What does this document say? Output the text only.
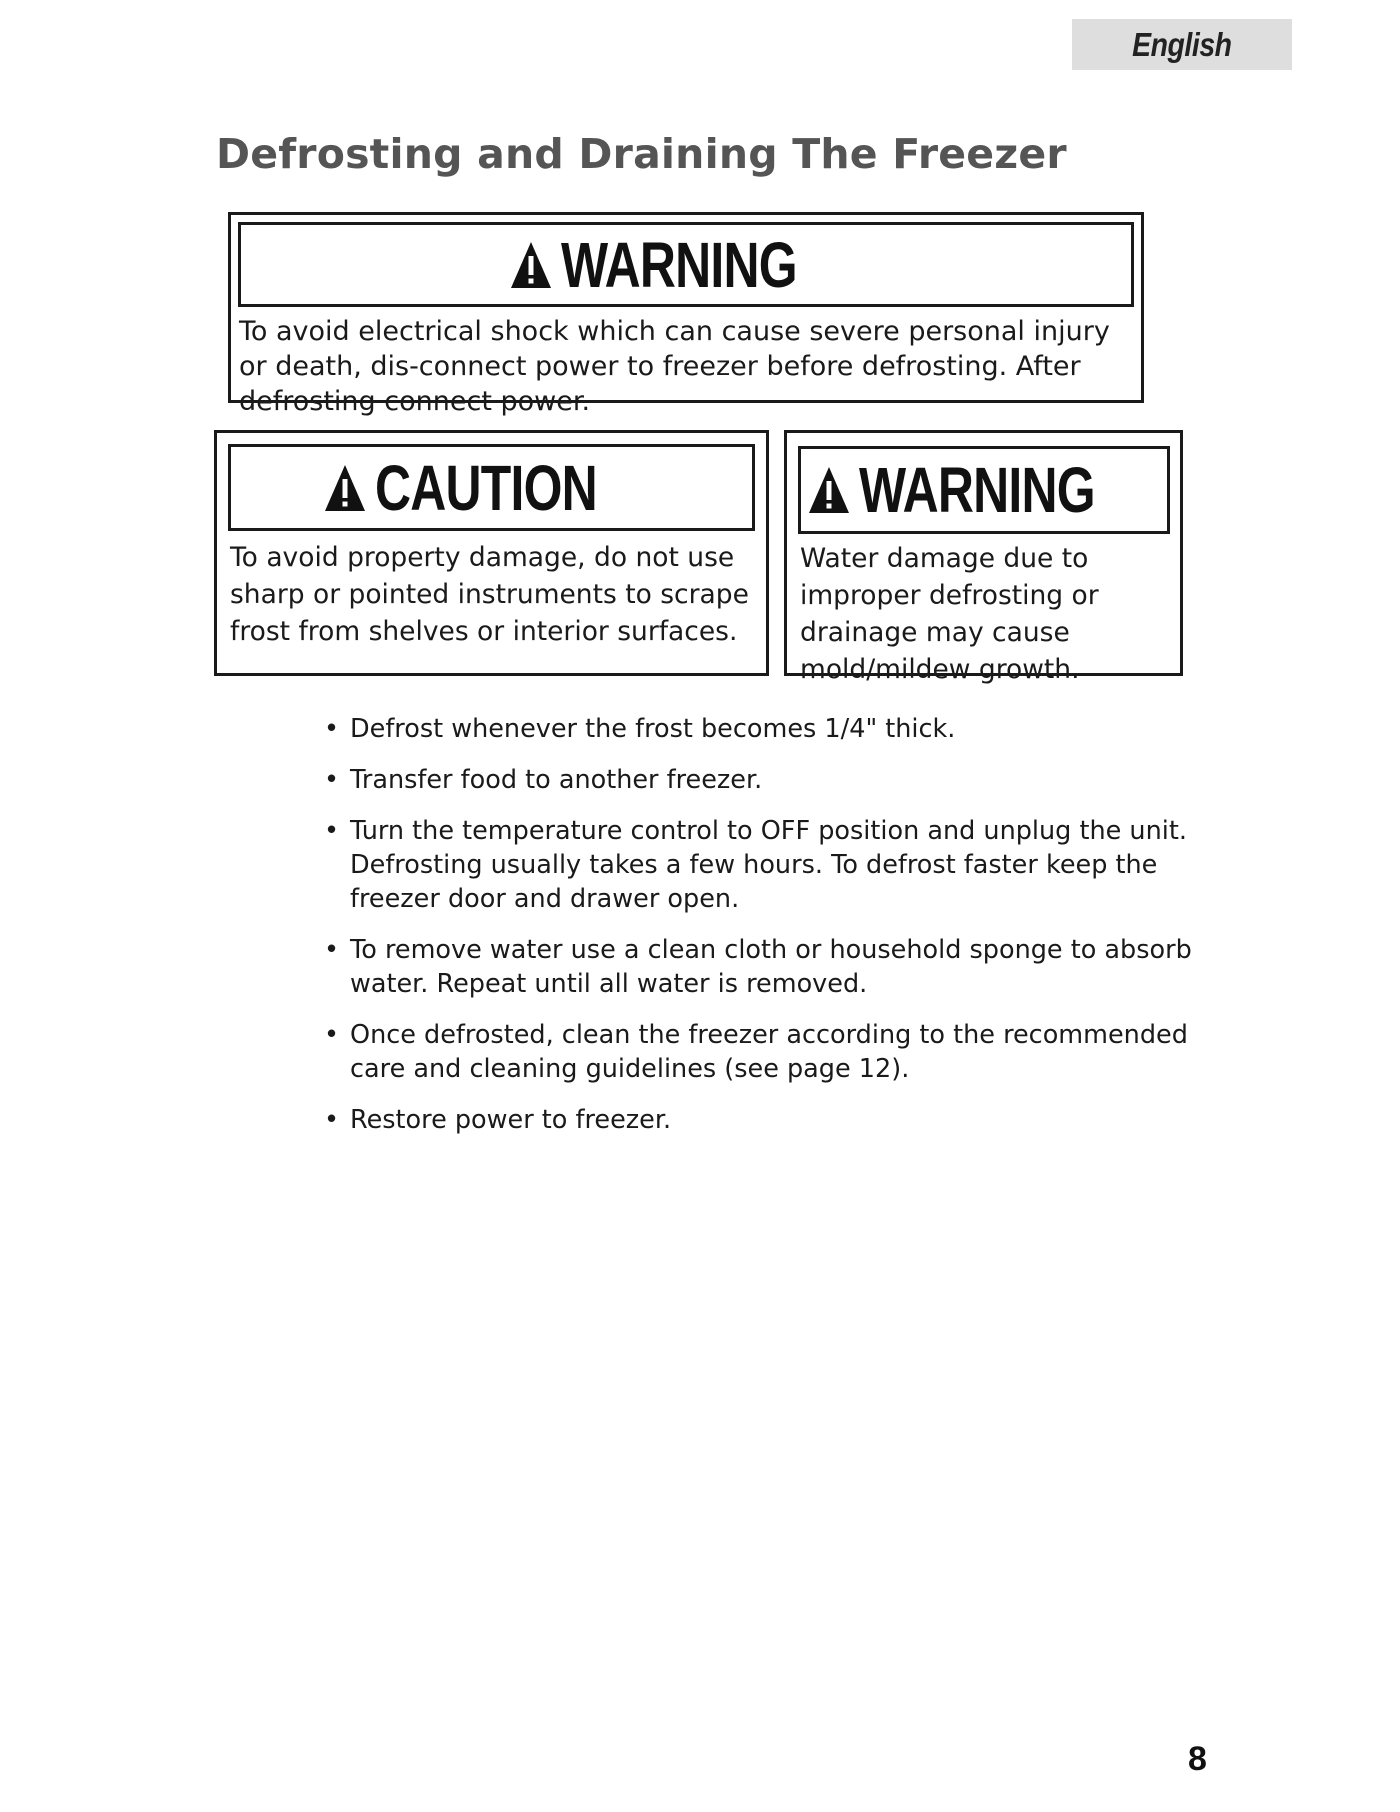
English
Defrosting and Draining The Freezer
WARNING

To avoid electrical shock which can cause severe personal injury or death, dis-connect power to freezer before defrosting. After defrosting connect power.

CAUTION

To avoid property damage, do not use sharp or pointed instruments to scrape frost from shelves or interior surfaces.

WARNING

Water damage due to improper defrosting or drainage may cause mold/mildew growth.

• Defrost whenever the frost becomes 1/4" thick.
• Transfer food to another freezer.
• Turn the temperature control to OFF position and unplug the unit. Defrosting usually takes a few hours. To defrost faster keep the freezer door and drawer open.
• To remove water use a clean cloth or household sponge to absorb water. Repeat until all water is removed.
• Once defrosted, clean the freezer according to the recommended care and cleaning guidelines (see page 12).
• Restore power to freezer.
8
